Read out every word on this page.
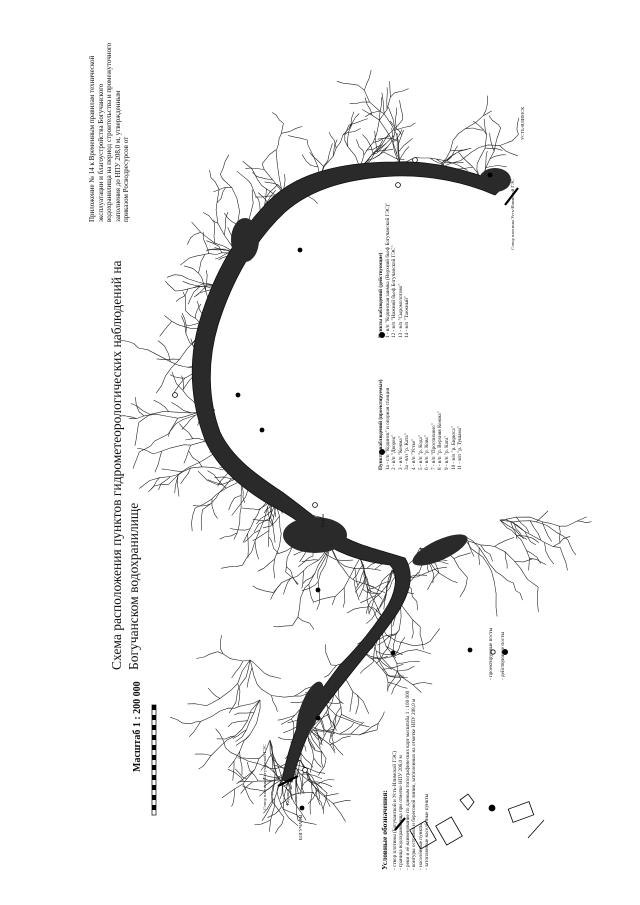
Схема расположения пунктов гидрометеорологических наблюдений на Богучанском водохранилище
Масштаб 1 : 200 000
Приложение № 14 к Временным правилам технической эксплуатации и благоустройства Богучанского водохранилища на период строительства и промежуточного заполнения до НПУ 208,0 м, утвержденным приказом Росводресурсов от
Условные обозначения: - створ плотины (Богучанской и Усть-Илимской ГЭС) - граница водохранилища при отметке НПУ 208,0 м - реки и её наименование по данным топографических карт масштаба 1 : 100 000 - контуры островов и береговой линии, затопленных на отметке НПУ 208,0 м - населённые пункты - затопляемые населённые пункты
- проектируемые посты - действующие посты
Пункты наблюдений (проектируемые) 1а - г/п "Кодинск" и опорная станция 2 - в/п "Дворец" 3 - в/п "Кежма" 3а - в/п "р. Ката" 4 - в/п "Устье" 5 - в/п "р. Кода" 6 - в/п "р. Кова" 7 - в/п "Проспихино" 8 - в/п "р. Верхняя Кежма" 9 - в/п "р. Ката" 10 - в/п "р. Бирюса" 11 - в/п "р. Тушама"
Пункты наблюдений (действующие) 1 - в/п "Кодинская заимка (Верхний бьеф Богучанской ГЭС)" 12 - в/п "Нижний бьеф Богучанской ГЭС" 13 - в/п "Сыромолотово" 14 - в/п "Таежный"
Створ плотины Усть-Илимской ГЭС
УСТЬ-ИЛИМСК
Створ плотины Богучанской ГЭС	Кодинск
Кежма
БОГУЧАНЫ
